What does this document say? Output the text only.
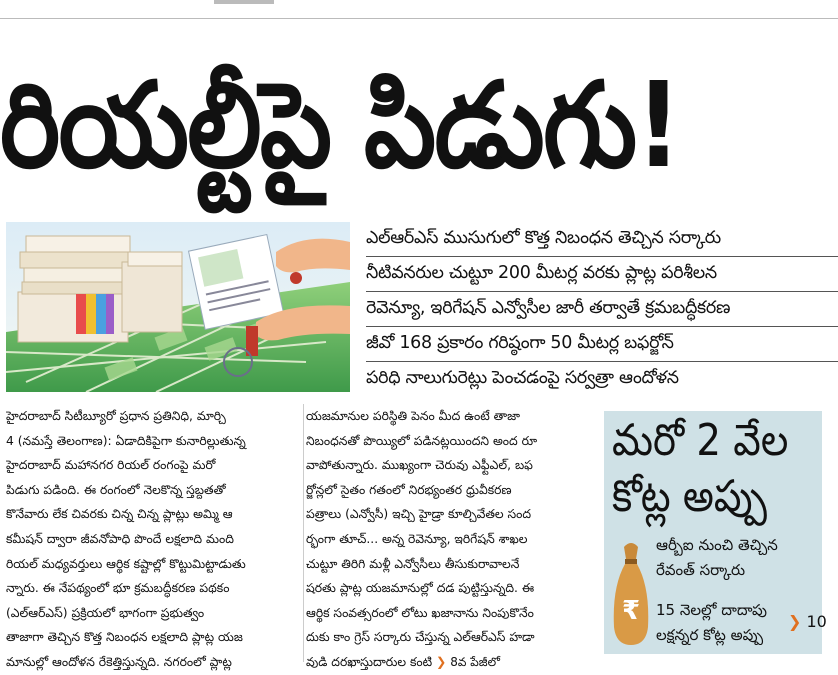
రియల్టీపై పిడుగు!
ఎల్ఆర్ఎస్ ముసుగులో కొత్త నిబంధన తెచ్చిన సర్కారు
నీటివనరుల చుట్టూ 200 మీటర్ల వరకు ప్లాట్ల పరిశీలన
రెవెన్యూ, ఇరిగేషన్ ఎన్వోసీల జారీ తర్వాతే క్రమబద్ధీకరణ
జీవో 168 ప్రకారం గరిష్ఠంగా 50 మీటర్ల బఫర్జోన్
పరిధి నాలుగురెట్లు పెంచడంపై సర్వత్రా ఆందోళన
హైదరాబాద్ సిటీబ్యూరో ప్రధాన ప్రతినిధి, మార్చి
4 (నమస్తే తెలంగాణ): ఏడాదికిపైగా కునారిల్లుతున్న
హైదరాబాద్ మహానగర రియల్ రంగంపై మరో
పిడుగు పడింది. ఈ రంగంలో నెలకొన్న స్తబ్దతతో
కొనేవారు లేక చివరకు చిన్న చిన్న ప్లాట్లు అమ్మి ఆ
కమీషన్ ద్వారా జీవనోపాధి పొందే లక్షలాది మంది
రియల్ మధ్యవర్తులు ఆర్థిక కష్టాల్లో కొట్టుమిట్టాడుతు
న్నారు. ఈ నేపథ్యంలో భూ క్రమబద్ధీకరణ పథకం
(ఎల్ఆర్ఎస్) ప్రక్రియలో భాగంగా ప్రభుత్వం
తాజాగా తెచ్చిన కొత్త నిబంధన లక్షలాది ప్లాట్ల యజ
మానుల్లో ఆందోళన రేకెత్తిస్తున్నది. నగరంలో ప్లాట్ల
యజమానుల పరిస్థితి పెనం మీద ఉంటే తాజా
నిబంధనతో పొయ్యిలో పడినట్లయిందని అంద రూ
వాపోతున్నారు. ముఖ్యంగా చెరువు ఎఫ్టీఎల్, బఫ
ర్జోన్లలో సైతం గతంలో నిరభ్యంతర ధ్రువీకరణ
పత్రాలు (ఎన్వోసీ) ఇచ్చి హైడ్రా కూల్చివేతల సంద
ర్భంగా తూచ్... అన్న రెవెన్యూ, ఇరిగేషన్ శాఖల
చుట్టూ తిరిగి మళ్లీ ఎన్వోసీలు తీసుకురావాలనే
షరతు ప్లాట్ల యజమానుల్లో దడ పుట్టిస్తున్నది. ఈ
ఆర్థిక సంవత్సరంలో లోటు ఖజానాను నింపుకొనేం
దుకు కాం గ్రెస్ సర్కారు చేస్తున్న ఎల్ఆర్ఎస్ హడా
వుడి దరఖాస్తుదారుల కంటి ❯ 8వ పేజీలో
మరో 2 వేల
కోట్ల అప్పు
₹
ఆర్బీఐ నుంచి తెచ్చిన
రేవంత్ సర్కారు
15 నెలల్లో దాదాపు
లక్షన్నర కోట్ల అప్పు
❯ 10
